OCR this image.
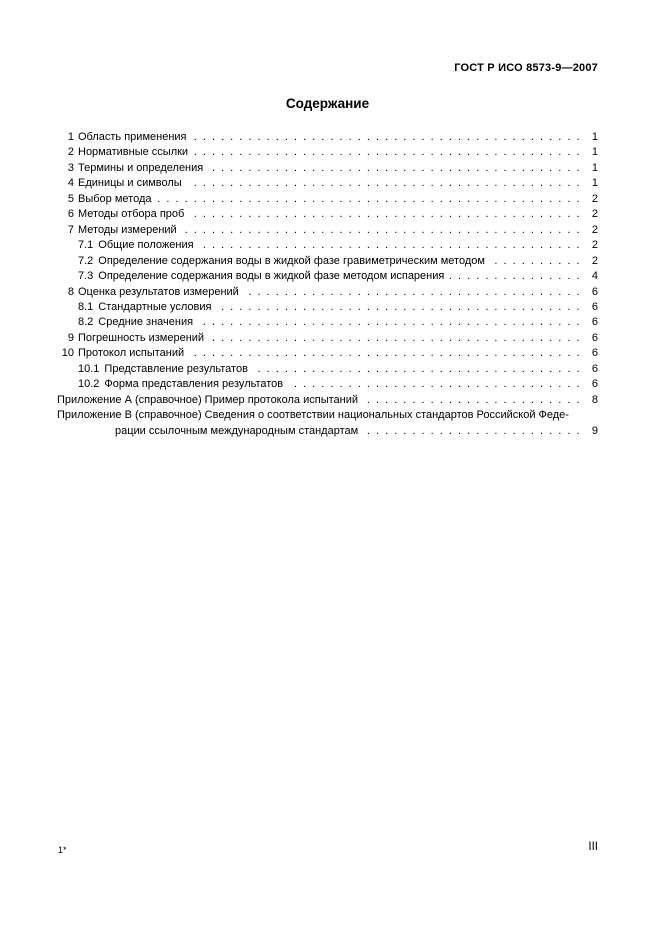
ГОСТ Р ИСО 8573-9—2007
Содержание
1 Область применения . . .	1
2 Нормативные ссылки . . .	1
3 Термины и определения . . .	1
4 Единицы и символы . . .	1
5 Выбор метода . . .	2
6 Методы отбора проб . . .	2
7 Методы измерений . . .	2
7.1 Общие положения . . .	2
7.2 Определение содержания воды в жидкой фазе гравиметрическим методом . . .	2
7.3 Определение содержания воды в жидкой фазе методом испарения . . .	4
8 Оценка результатов измерений . . .	6
8.1 Стандартные условия . . .	6
8.2 Средние значения . . .	6
9 Погрешность измерений . . .	6
10 Протокол испытаний . . .	6
10.1 Представление результатов . . .	6
10.2 Форма представления результатов . . .	6
Приложение А (справочное) Пример протокола испытаний . . .	8
Приложение В (справочное) Сведения о соответствии национальных стандартов Российской Феде-
рации ссылочным международным стандартам . . .	9
1*	III
